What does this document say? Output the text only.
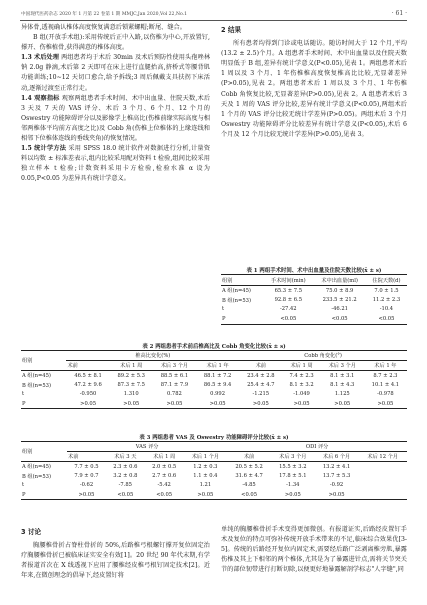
中国现代医药杂志 2020 年 1 月第 22 卷第 1 期 MMJC,Jan 2020,Vol 22,No.1	· 61 ·

异体骨,透视确认椎体高度恢复满意后锁紧螺帽;断尾、缝合。

B 组(开放手术组):采用传统后正中入路,以伤椎为中心,开放置钉,撑开、伤椎植骨,获得满意的椎体高度。

1.3 术后处理 两组患者均于术后 30min 及术后预防性使用头孢唑林钠 2.0g 静滴,术后第 2 天即可在床上进行直腿抬高,挤桥式等腰背肌功能训练;10~12 天切口愈合,给予拆线;3 周后佩戴支具扶拐下床活动,逐渐过渡至正常行走。

1.4 观察指标 观察两组患者手术时间、术中出血量、住院天数,术后 3 天及 7 天的 VAS 评分、术后 3 个月、6 个月、12 个月的 Oswestry 功能障碍评分以及影像学上椎高比(伤椎前缘实际高度与相邻两椎体平均前方高度之比)及 Cobb 角(伤椎上位椎体的上缘连线和相邻下位椎体连线的垂线夹角)的恢复情况。

1.5 统计学方法 采用 SPSS 18.0 统计软件对数据进行分析,计量资料以均数 ± 标准差表示,组内比较采用配对资料 t 检验,组间比较采用独立样本 t 检验;计数资料采用卡方检验,检验水准 α 设为 0.05,P<0.05 为差异具有统计学意义。

2 结果

所有患者均得到门诊或电话随访。随访时间大于 12 个月,平均(13.2 ± 2.5)个月。A 组患者手术时间、术中出血量以及住院天数明显低于 B 组,差异有统计学意义(P<0.05),见表 1。两组患者术后 1 周以及 3 个月、1 年伤椎椎高度恢复椎高比比较,无显著差异(P>0.05),见表 2。两组患者术后 1 周以及 3 个月、1 年伤椎 Cobb 角恢复比较,无显著差异(P>0.05),见表 2。A 组患者术后 3 天及 1 周的 VAS 评分比较,差异有统计学意义(P<0.05),两组术后 1 个月的 VAS 评分比较无统计学差异(P>0.05)。两组术后 3 个月 Oswestry 功能障碍评分比较差异有统计学意义(P<0.05),术后 6 个月及 12 个月比较无统计学差异(P>0.05),见表 3。

表 1 两组手术时间、术中出血量及住院天数比较(x̄ ± s)
组别	手术时间(min)	术中出血量(ml)	住院天数(d)
A 组(n=45)	65.3 ± 7.5	75.0 ± 8.9	7.0 ± 1.5
B 组(n=53)	92.8 ± 6.5	233.5 ± 21.2	11.2 ± 2.3
t	-27.42	-46.21	-10.4
P	<0.05	<0.05	<0.05
表 2 两组患者手术前后椎高比及 Cobb 角变化比较(x̄ ± s)
组别	椎高比变化(%)				Cobb 角变化(°)			
	术前	术后 1 周	术后 3 个月	术后 1 年	术前	术后 1 周	术后 3 个月	术后 1 年
A 组(n=45)	46.5 ± 8.1	89.2 ± 5.3	88.5 ± 6.1	88.1 ± 7.2	23.4 ± 2.8	7.4 ± 2.3	8.1 ± 3.1	8.7 ± 2.3
B 组(n=53)	47.2 ± 9.6	87.3 ± 7.5	87.1 ± 7.9	86.5 ± 9.4	25.4 ± 4.7	8.1 ± 3.2	8.1 ± 4.3	10.1 ± 4.1
t	-0.950	1.310	0.782	0.992	-1.215	-1.049	1.125	-0.978
P	>0.05	>0.05	>0.05	>0.05	>0.05	>0.05	>0.05	>0.05
表 3 两组患者 VAS 及 Oswestry 功能障碍评分比较(x̄ ± s)
组别	VAS 评分				ODI 评分			
	术前	术后 3 天	术后 1 周	术后 1 个月	术前	术后 3 个月	术后 6 个月	术后 12 个月
A 组(n=45)	7.7 ± 0.5	2.3 ± 0.6	2.0 ± 0.5	1.2 ± 0.3	20.5 ± 5.2	15.5 ± 3.2	13.2 ± 4.1	
B 组(n=53)	7.9 ± 0.7	3.2 ± 0.8	2.7 ± 0.6	1.1 ± 0.4	31.6 ± 4.7	17.8 ± 5.1	13.7 ± 5.3	
t	-0.62	-7.85	-5.42	1.21	-4.85	-1.34	-0.92	
P	>0.05	<0.05	<0.05	>0.05	<0.05	>0.05	>0.05	

3 讨论

胸腰椎骨折占脊柱骨折的 50%,后路椎弓根螺钉撑开复位固定治疗胸腰椎骨折已被临床证实安全有效[1]。20 世纪 90 年代末期,有学者报道首次在 X 线透视下应用了腰椎经皮椎弓根钉固定技术[2]。近年来,在微创理念的倡导下,经皮置钉将

单纯的胸腰椎骨折手术变得更加微创。有报道证实,后路经皮置钉手术及复位的特点可弥补传统开放手术带来的不足,临床综合效果优[3-5]。传统的后路经开复位内固定术,需要经后路广泛剥离椎旁肌,暴露伤椎及其上下相邻的两个椎体,尤其是为了暴露进针点,需将关节突关节的部位韧带进行打断切除,以便更好地暴露解剖学标志"人字缝",同
